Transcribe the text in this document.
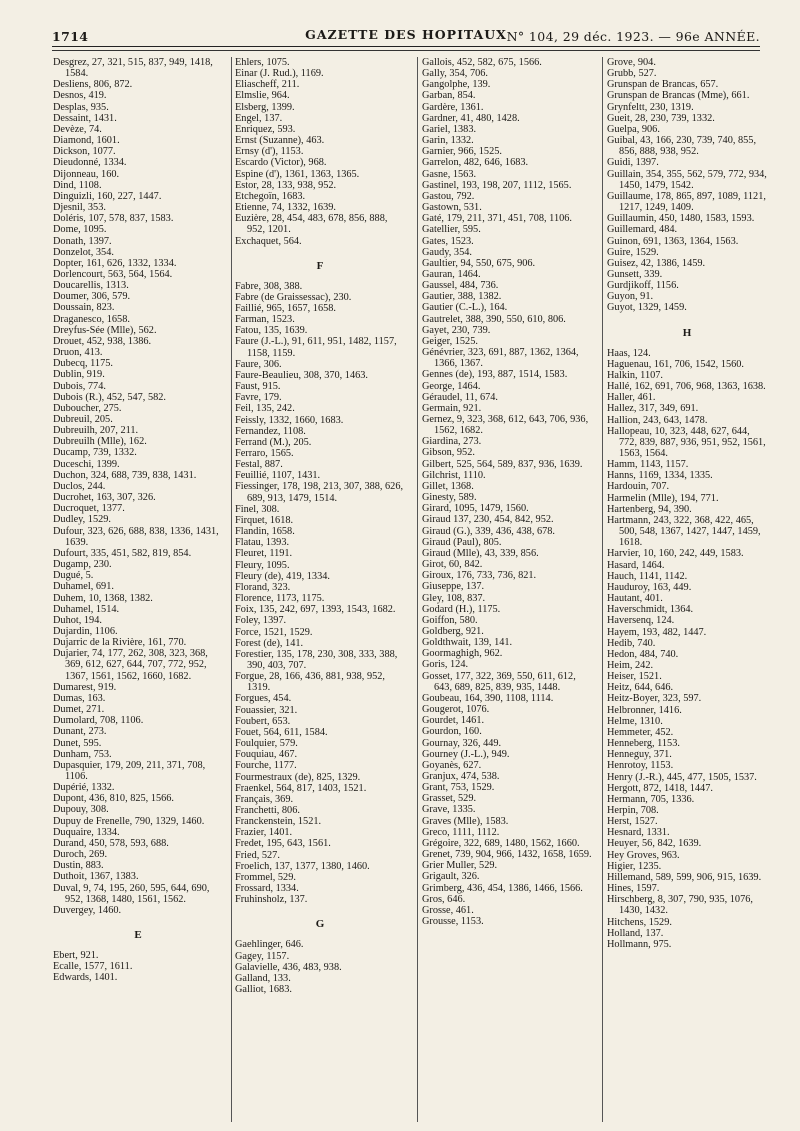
1714	GAZETTE DES HOPITAUX N° 104, 29 déc. 1923. — 96e ANNÉE.
Desgrez, 27, 321, 515, 837, 949, 1418, 1584.
Desliens, 806, 872.
Desnos, 419.
Desplas, 935.
Dessaint, 1431.
Devèze, 74.
Diamond, 1601.
Dickson, 1077.
Dieudonné, 1334.
Dijonneau, 160.
Dind, 1108.
Dinguizli, 160, 227, 1447.
Djesnil, 353.
Doléris, 107, 578, 837, 1583.
Dome, 1095.
Donath, 1397.
Donzelot, 354.
Dopter, 161, 626, 1332, 1334.
Dorlencourt, 563, 564, 1564.
Doucarellis, 1313.
Doumer, 306, 579.
Doussain, 823.
Draganesco, 1658.
Dreyfus-Sée (Mlle), 562.
Drouet, 452, 938, 1386.
Druon, 413.
Dubecq, 1175.
Dublin, 919.
Dubois, 774.
Dubois (R.), 452, 547, 582.
Duboucher, 275.
Dubreuil, 205.
Dubreuilh, 207, 211.
Dubreuilh (Mlle), 162.
Ducamp, 739, 1332.
Duceschi, 1399.
Duchon, 324, 688, 739, 838, 1431.
Duclos, 244.
Ducrohet, 163, 307, 326.
Ducroquet, 1377.
Dudley, 1529.
Dufour, 323, 626, 688, 838, 1336, 1431, 1639.
Dufourt, 335, 451, 582, 819, 854.
Dugamp, 230.
Dugué, 5.
Duhamel, 691.
Duhem, 10, 1368, 1382.
Duhamel, 1514.
Duhot, 194.
Dujardin, 1106.
Dujarric de la Rivière, 161, 770.
Dujarier, 74, 177, 262, 308, 323, 368, 369, 612, 627, 644, 707, 772, 952, 1367, 1561, 1562, 1660, 1682.
Dumarest, 919.
Dumas, 163.
Dumet, 271.
Dumolard, 708, 1106.
Dunant, 273.
Dunet, 595.
Dunham, 753.
Dupasquier, 179, 209, 211, 371, 708, 1106.
Dupérié, 1332.
Dupont, 436, 810, 825, 1566.
Dupouy, 308.
Dupuy de Frenelle, 790, 1329, 1460.
Duquaire, 1334.
Durand, 450, 578, 593, 688.
Duroch, 269.
Dustin, 883.
Duthoit, 1367, 1383.
Duval, 9, 74, 195, 260, 595, 644, 690, 952, 1368, 1480, 1561, 1562.
Duvergey, 1460.
E
Ebert, 921.
Ecalle, 1577, 1611.
Edwards, 1401.
Ehlers, 1075.
Einar (J. Rud.), 1169.
Eliascheff, 211.
Elmslie, 964.
Elsberg, 1399.
Engel, 137.
Enriquez, 593.
Ernst (Suzanne), 463.
Ernsy (d'), 1153.
Escardo (Victor), 968.
Espine (d'), 1361, 1363, 1365.
Estor, 28, 133, 938, 952.
Etchegoïn, 1683.
Etienne, 74, 1332, 1639.
Euzière, 28, 454, 483, 678, 856, 888, 952, 1201.
Exchaquet, 564.
F
Fabre, 308, 388.
Fabre (de Graissessac), 230.
Faillié, 965, 1657, 1658.
Farman, 1523.
Fatou, 135, 1639.
Faure (J.-L.), 91, 611, 951, 1482, 1157, 1158, 1159.
Faure, 306.
Faure-Beaulieu, 308, 370, 1463.
Faust, 915.
Favre, 179.
Feil, 135, 242.
Feissly, 1332, 1660, 1683.
Fernandez, 1108.
Ferrand (M.), 205.
Ferraro, 1565.
Festal, 887.
Feuillié, 1107, 1431.
Fiessinger, 178, 198, 213, 307, 388, 626, 689, 913, 1479, 1514.
Finel, 308.
Firquet, 1618.
Flandin, 1658.
Flatau, 1393.
Fleuret, 1191.
Fleury, 1095.
Fleury (de), 419, 1334.
Florand, 323.
Florence, 1173, 1175.
Foix, 135, 242, 697, 1393, 1543, 1682.
Foley, 1397.
Force, 1521, 1529.
Forest (de), 141.
Forestier, 135, 178, 230, 308, 333, 388, 390, 403, 707.
Forgue, 28, 166, 436, 881, 938, 952, 1319.
Forgues, 454.
Fouassier, 321.
Foubert, 653.
Fouet, 564, 611, 1584.
Foulquier, 579.
Fouquiau, 467.
Fourche, 1177.
Fourmestraux (de), 825, 1329.
Fraenkel, 564, 817, 1403, 1521.
Français, 369.
Franchetti, 806.
Franckenstein, 1521.
Frazier, 1401.
Fredet, 195, 643, 1561.
Fried, 527.
Froelich, 137, 1377, 1380, 1460.
Frommel, 529.
Frossard, 1334.
Fruhinsholz, 137.
G
Gaehlinger, 646.
Gagey, 1157.
Galavielle, 436, 483, 938.
Galland, 133.
Galliot, 1683.
Gallois, 452, 582, 675, 1566.
Gally, 354, 706.
Gangolphe, 139.
Garban, 854.
Gardère, 1361.
Gardner, 41, 480, 1428.
Gariel, 1383.
Garin, 1332.
Garnier, 966, 1525.
Garrelon, 482, 646, 1683.
Gasne, 1563.
Gastinel, 193, 198, 207, 1112, 1565.
Gastou, 792.
Gastown, 531.
Gaté, 179, 211, 371, 451, 708, 1106.
Gatellier, 595.
Gates, 1523.
Gaudy, 354.
Gaultier, 94, 550, 675, 906.
Gauran, 1464.
Gaussel, 484, 736.
Gautier, 388, 1382.
Gautier (C.-L.), 164.
Gautrelet, 388, 390, 550, 610, 806.
Gayet, 230, 739.
Geiger, 1525.
Génévrier, 323, 691, 887, 1362, 1364, 1366, 1367.
Gennes (de), 193, 887, 1514, 1583.
George, 1464.
Géraudel, 11, 674.
Germain, 921.
Gernez, 9, 323, 368, 612, 643, 706, 936, 1562, 1682.
Giardina, 273.
Gibson, 952.
Gilbert, 525, 564, 589, 837, 936, 1639.
Gilchrist, 1110.
Gillet, 1368.
Ginesty, 589.
Girard, 1095, 1479, 1560.
Giraud 137, 230, 454, 842, 952.
Giraud (G.), 339, 436, 438, 678.
Giraud (Paul), 805.
Giraud (Mlle), 43, 339, 856.
Girot, 60, 842.
Giroux, 176, 733, 736, 821.
Giuseppe, 137.
Gley, 108, 837.
Godard (H.), 1175.
Goiffon, 580.
Goldberg, 921.
Goldthwait, 139, 141.
Goormaghigh, 962.
Goris, 124.
Gosset, 177, 322, 369, 550, 611, 612, 643, 689, 825, 839, 935, 1448.
Goubeau, 164, 390, 1108, 1114.
Gougerot, 1076.
Gourdet, 1461.
Gourdon, 160.
Gournay, 326, 449.
Gourney (J.-L.), 949.
Goyanès, 627.
Granjux, 474, 538.
Grant, 753, 1529.
Grasset, 529.
Grave, 1335.
Graves (Mlle), 1583.
Greco, 1111, 1112.
Grégoire, 322, 689, 1480, 1562, 1660.
Grenet, 739, 904, 966, 1432, 1658, 1659.
Grier Muller, 529.
Grigault, 326.
Grimberg, 436, 454, 1386, 1466, 1566.
Gros, 646.
Grosse, 461.
Grousse, 1153.
Grove, 904.
Grubb, 527.
Grunspan de Brancas, 657.
Grunspan de Brancas (Mme), 661.
Grynfeltt, 230, 1319.
Gueit, 28, 230, 739, 1332.
Guelpa, 906.
Guibal, 43, 166, 230, 739, 740, 855, 856, 888, 938, 952.
Guidi, 1397.
Guillain, 354, 355, 562, 579, 772, 934, 1450, 1479, 1542.
Guillaume, 178, 865, 897, 1089, 1121, 1217, 1249, 1409.
Guillaumin, 450, 1480, 1583, 1593.
Guillemard, 484.
Guinon, 691, 1363, 1364, 1563.
Guire, 1529.
Guisez, 42, 1386, 1459.
Gunsett, 339.
Gurdjikoff, 1156.
Guyon, 91.
Guyot, 1329, 1459.
H
Haas, 124.
Haguenau, 161, 706, 1542, 1560.
Halkin, 1107.
Hallé, 162, 691, 706, 968, 1363, 1638.
Haller, 461.
Hallez, 317, 349, 691.
Hallion, 243, 643, 1478.
Hallopeau, 10, 323, 448, 627, 644, 772, 839, 887, 936, 951, 952, 1561, 1563, 1564.
Hamm, 1143, 1157.
Hanns, 1169, 1334, 1335.
Hardouin, 707.
Harmelin (Mlle), 194, 771.
Hartenberg, 94, 390.
Hartmann, 243, 322, 368, 422, 465, 500, 548, 1367, 1427, 1447, 1459, 1618.
Harvier, 10, 160, 242, 449, 1583.
Hasard, 1464.
Hauch, 1141, 1142.
Hauduroy, 163, 449.
Hautant, 401.
Haverschmidt, 1364.
Haversenq, 124.
Hayem, 193, 482, 1447.
Hedib, 740.
Hedon, 484, 740.
Heim, 242.
Heiser, 1521.
Heitz, 644, 646.
Heitz-Boyer, 323, 597.
Helbronner, 1416.
Helme, 1310.
Hemmeter, 452.
Henneberg, 1153.
Henneguy, 371.
Henrotoy, 1153.
Henry (J.-R.), 445, 477, 1505, 1537.
Hergott, 872, 1418, 1447.
Hermann, 705, 1336.
Herpin, 708.
Herst, 1527.
Hesnard, 1331.
Heuyer, 56, 842, 1639.
Hey Groves, 963.
Higier, 1235.
Hillemand, 589, 599, 906, 915, 1639.
Hines, 1597.
Hirschberg, 8, 307, 790, 935, 1076, 1430, 1432.
Hitchens, 1529.
Holland, 137.
Hollmann, 975.
